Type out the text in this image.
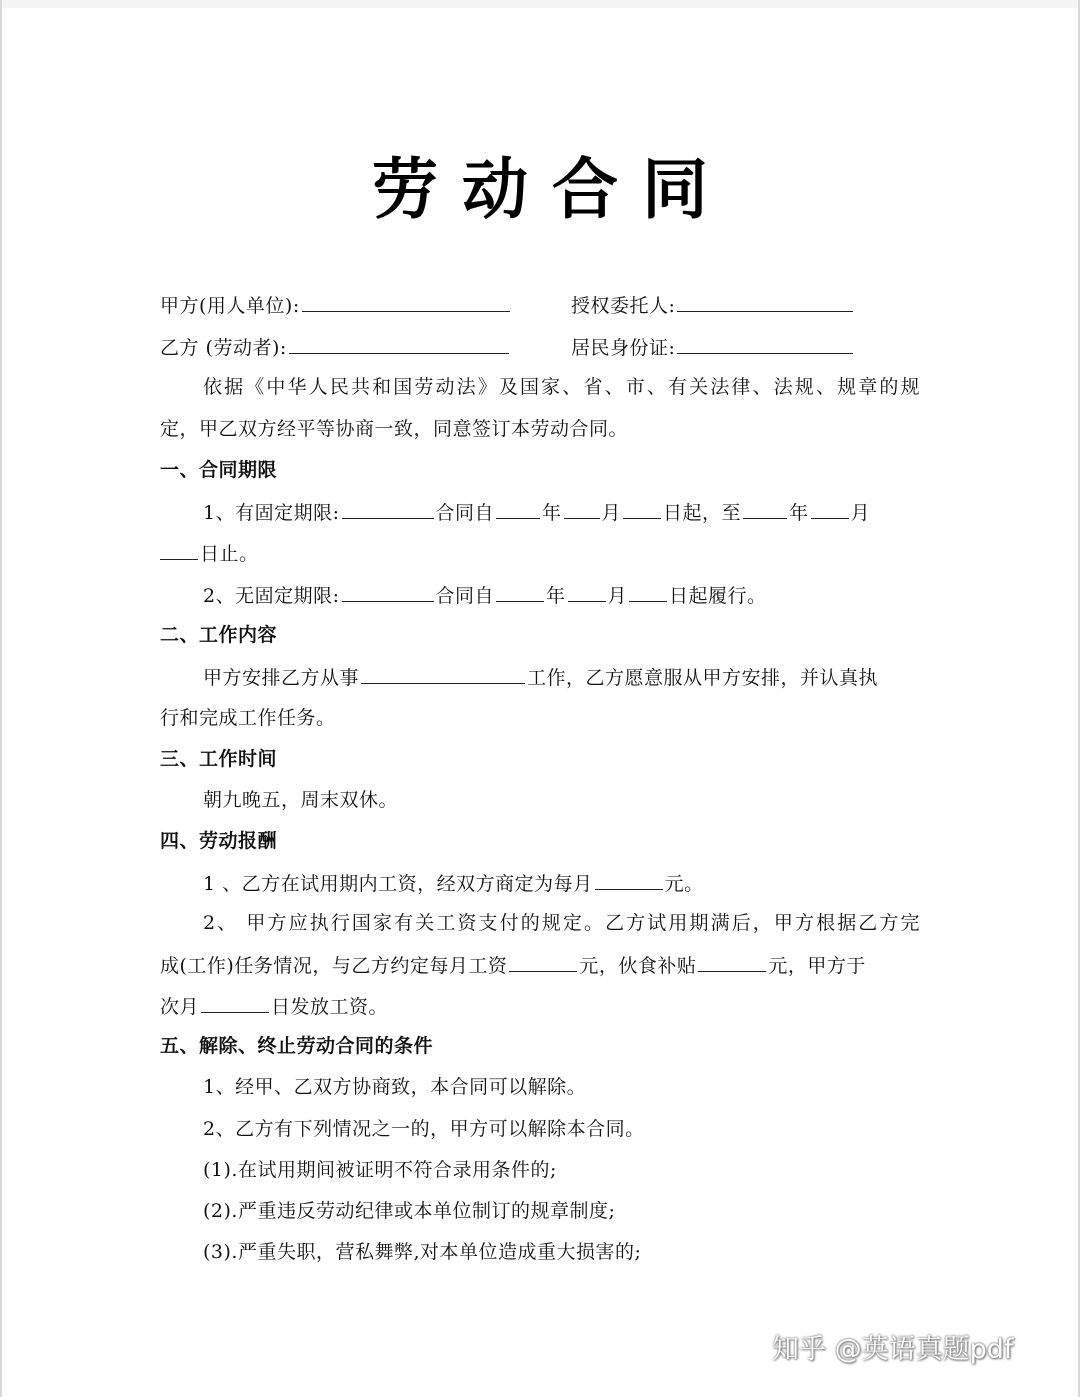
劳动合同
甲方(用人单位):	授权委托人:
乙方 (劳动者):	居民身份证:
依据《中华人民共和国劳动法》及国家、省、市、有关法律、法规、规章的规
定，甲乙双方经平等协商一致，同意签订本劳动合同。
一、合同期限
1、有固定期限:	合同自	年 月 日起，至	年 月
日止。
2、无固定期限:	合同自	年 月 日起履行。
二、工作内容
甲方安排乙方从事	工作，乙方愿意服从甲方安排，并认真执
行和完成工作任务。
三、工作时间
朝九晚五，周末双休。
四、劳动报酬
1 、乙方在试用期内工资，经双方商定为每月	元。
2、 甲方应执行国家有关工资支付的规定。乙方试用期满后，甲方根据乙方完
成(工作)任务情况，与乙方约定每月工资	元，伙食补贴	元，甲方于
次月	日发放工资。
五、解除、终止劳动合同的条件
1、经甲、乙双方协商致，本合同可以解除。
2、乙方有下列情况之一的，甲方可以解除本合同。
(1).在试用期间被证明不符合录用条件的;
(2).严重违反劳动纪律或本单位制订的规章制度;
(3).严重失职，营私舞弊,对本单位造成重大损害的;
知乎 @英语真题pdf
